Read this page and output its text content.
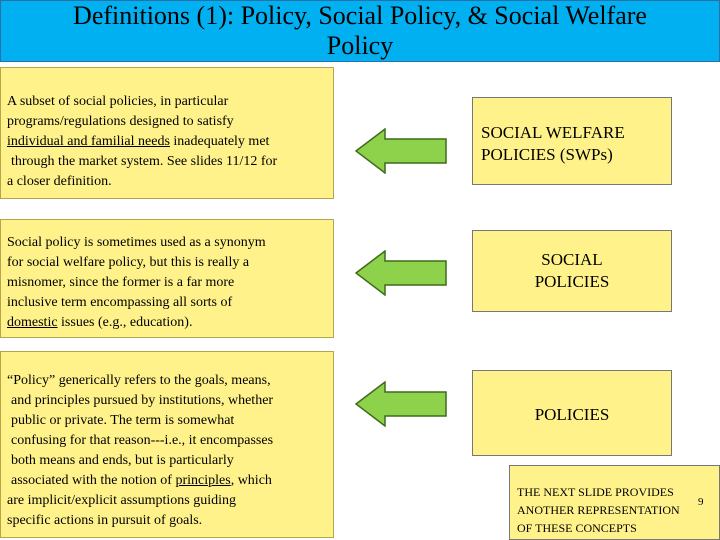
Definitions (1): Policy, Social Policy, & Social Welfare
Policy
A subset of social policies, in particular
programs/regulations designed to satisfy
individual and familial needs inadequately met
through the market system. See slides 11/12 for
a closer definition.
Social policy is sometimes used as a synonym
for social welfare policy, but this is really a
misnomer, since the former is a far more
inclusive term encompassing all sorts of
domestic issues (e.g., education).
“Policy” generically refers to the goals, means,
and principles pursued by institutions, whether
public or private. The term is somewhat
confusing for that reason---i.e., it encompasses
both means and ends, but is particularly
associated with the notion of principles, which
are implicit/explicit assumptions guiding
specific actions in pursuit of goals.
SOCIAL WELFARE
POLICIES (SWPs)
SOCIAL
POLICIES
POLICIES
THE NEXT SLIDE PROVIDES
ANOTHER REPRESENTATION
OF THESE CONCEPTS
9
